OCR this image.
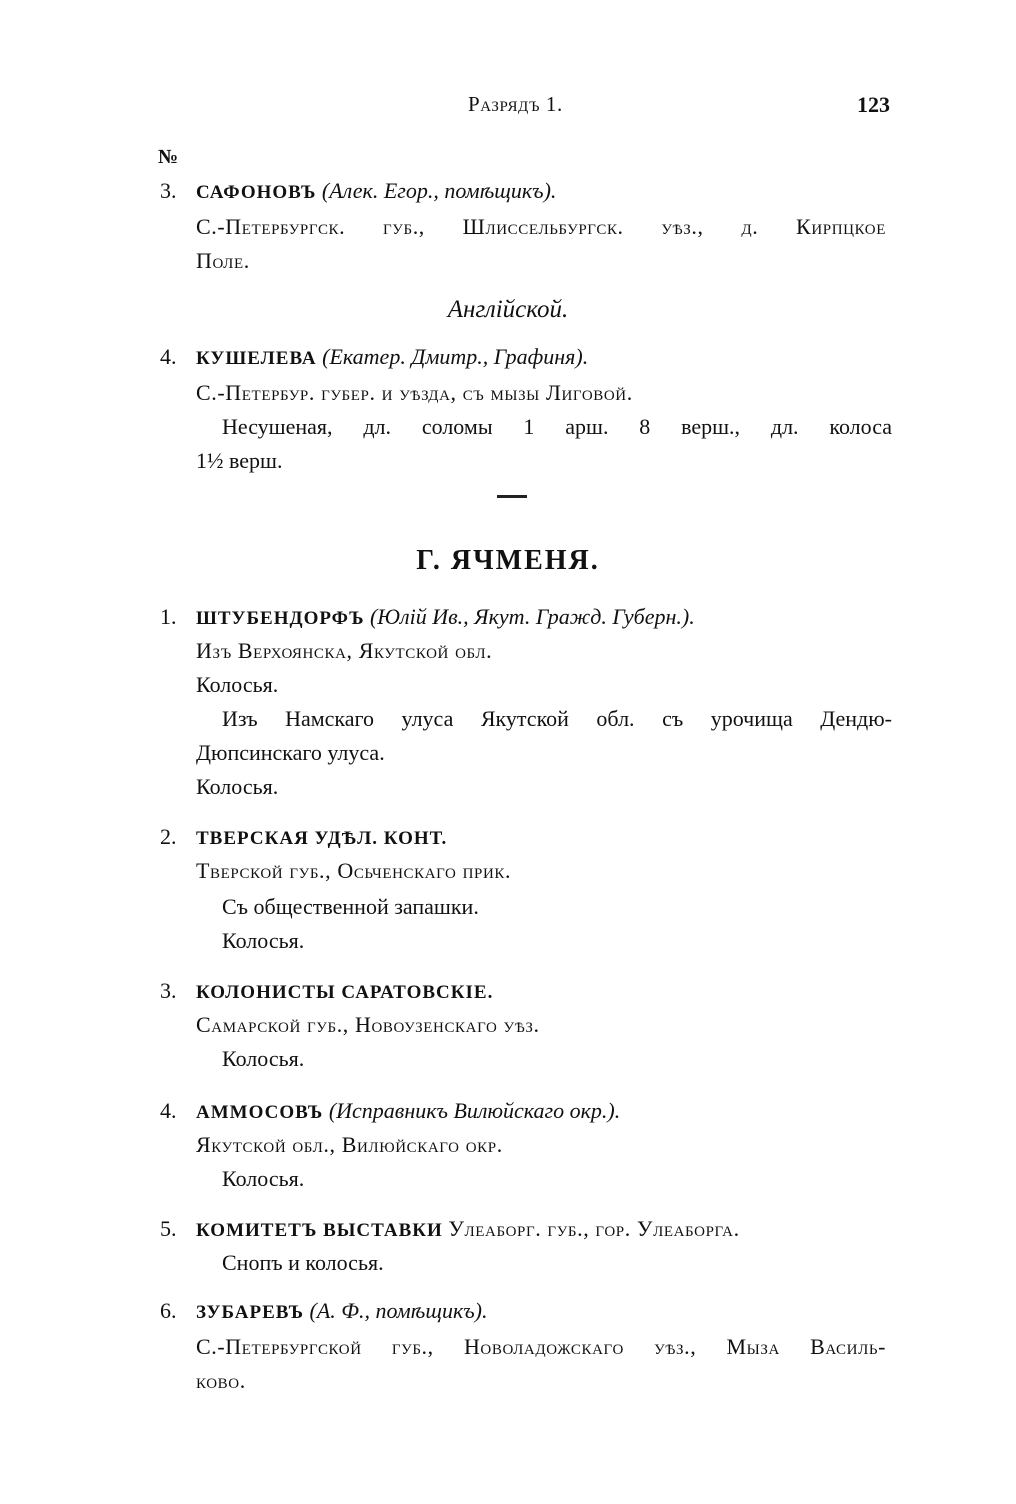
Разрядъ 1.	123
№
3. САФОНОВЪ (Алек. Егор., помѣщикъ).
С.-Петербургск. губ., Шлиссельбургск. уѣз., д. Кирпцкое
Поле.
Англійской.
4. КУШЕЛЕВА (Екатер. Дмитр., Графиня).
С.-Петербур. губер. и уѣзда, съ мызы Лиговой.
Несушеная, дл. соломы 1 арш. 8 верш., дл. колоса
1½ верш.
Г. ЯЧМЕНЯ.
1. ШТУБЕНДОРФЪ (Юлій Ив., Якут. Гражд. Губерн.).
Изъ Верхоянска, Якутской обл.
Колосья.
Изъ Намскаго улуса Якутской обл. съ урочища Дендю-
Дюпсинскаго улуса.
Колосья.
2. ТВЕРСКАЯ УДѢЛ. КОНТ.
Тверской губ., Осьченскаго прик.
Съ общественной запашки.
Колосья.
3. КОЛОНИСТЫ САРАТОВСКІЕ.
Самарской губ., Новоузенскаго уѣз.
Колосья.
4. АММОСОВЪ (Исправникъ Вилюйскаго окр.).
Якутской обл., Вилюйскаго окр.
Колосья.
5. КОМИТЕТЪ ВЫСТАВКИ Улеаборг. губ., гор. Улеаборга.
Снопъ и колосья.
6. ЗУБАРЕВЪ (А. Ф., помѣщикъ).
С.-Петербургской губ., Новоладожскаго уѣз., Мыза Василь-
ково.
